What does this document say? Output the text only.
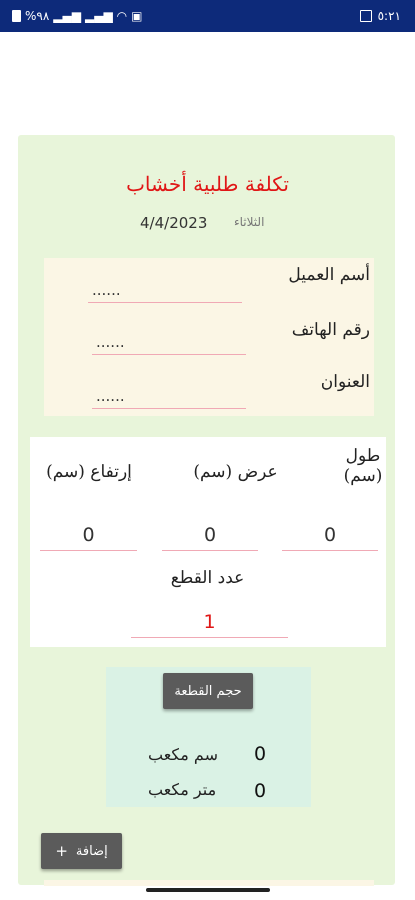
%٩٨ ▂▄▆ ▂▄▆ ◠ ▣	٥:٢١
تكلفة طلبية أخشاب
4/4/2023 الثلاثاء
أسم العميل
......
رقم الهاتف
......
العنوان
......
طول
(سم)
عرض (سم)
إرتفاع (سم)
0
0
0
عدد القطع
1
حجم القطعة
0
سم مكعب
0
متر مكعب
إضافة
+
